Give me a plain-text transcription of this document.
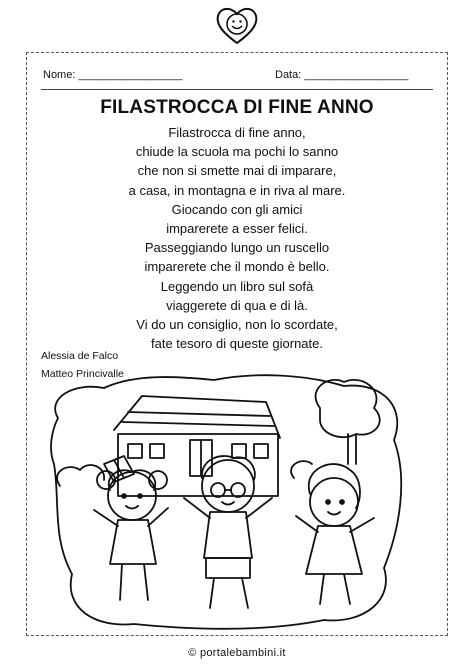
Nome: _________________	Data: _________________
FILASTROCCA DI FINE ANNO
Filastrocca di fine anno,
chiude la scuola ma pochi lo sanno
che non si smette mai di imparare,
a casa, in montagna e in riva al mare.
Giocando con gli amici
imparerete a esser felici.
Passeggiando lungo un ruscello
imparerete che il mondo è bello.
Leggendo un libro sul sofà
viaggerete di qua e di là.
Vi do un consiglio, non lo scordate,
fate tesoro di queste giornate.
Alessia de Falco
Matteo Princivalle
© portalebambini.it
